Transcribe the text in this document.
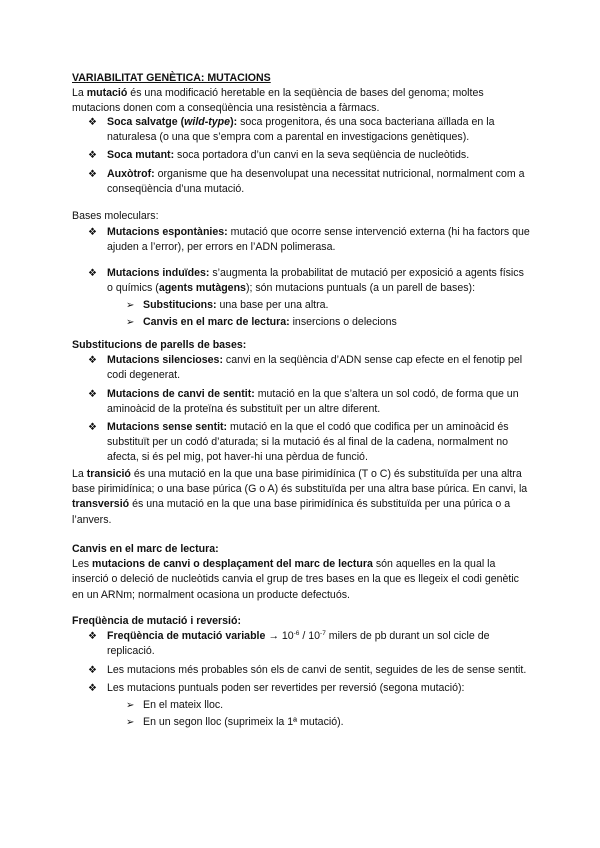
VARIABILITAT GENÈTICA: MUTACIONS

La mutació és una modificació heretable en la seqüència de bases del genoma; moltes mutacions donen com a conseqüència una resistència a fàrmacs.

❖ Soca salvatge (wild-type): soca progenitora, és una soca bacteriana aïllada en la naturalesa (o una que s’empra com a parental en investigacions genètiques).
❖ Soca mutant: soca portadora d’un canvi en la seva seqüència de nucleòtids.
❖ Auxòtrof: organisme que ha desenvolupat una necessitat nutricional, normalment com a conseqüència d’una mutació.

Bases moleculars:

❖ Mutacions espontànies: mutació que ocorre sense intervenció externa (hi ha factors que ajuden a l’error), per errors en l’ADN polimerasa.
❖ Mutacions induïdes: s’augmenta la probabilitat de mutació per exposició a agents físics o químics (agents mutàgens); són mutacions puntuals (a un parell de bases):
➢ Substitucions: una base per una altra.
➢ Canvis en el marc de lectura: insercions o delecions

Substitucions de parells de bases:

❖ Mutacions silencioses: canvi en la seqüència d’ADN sense cap efecte en el fenotip pel codi degenerat.
❖ Mutacions de canvi de sentit: mutació en la que s’altera un sol codó, de forma que un aminoàcid de la proteïna és substituït per un altre diferent.
❖ Mutacions sense sentit: mutació en la que el codó que codifica per un aminoàcid és substituït per un codó d’aturada; si la mutació és al final de la cadena, normalment no afecta, si és pel mig, pot haver-hi una pèrdua de funció.

La transició és una mutació en la que una base pirimidínica (T o C) és substituïda per una altra base pirimidínica; o una base púrica (G o A) és substituïda per una altra base púrica. En canvi, la transversió és una mutació en la que una base pirimidínica és substituïda per una púrica o a l’anvers.

Canvis en el marc de lectura:

Les mutacions de canvi o desplaçament del marc de lectura són aquelles en la qual la inserció o deleció de nucleòtids canvia el grup de tres bases en la que es llegeix el codi genètic en un ARNm; normalment ocasiona un producte defectuós.

Freqüència de mutació i reversió:

❖ Freqüència de mutació variable → $10^{-6} / 10^{-7}$ milers de pb durant un sol cicle de replicació.
❖ Les mutacions més probables són els de canvi de sentit, seguides de les de sense sentit.
❖ Les mutacions puntuals poden ser revertides per reversió (segona mutació):
➢ En el mateix lloc.
➢ En un segon lloc (suprimeix la 1ª mutació).
